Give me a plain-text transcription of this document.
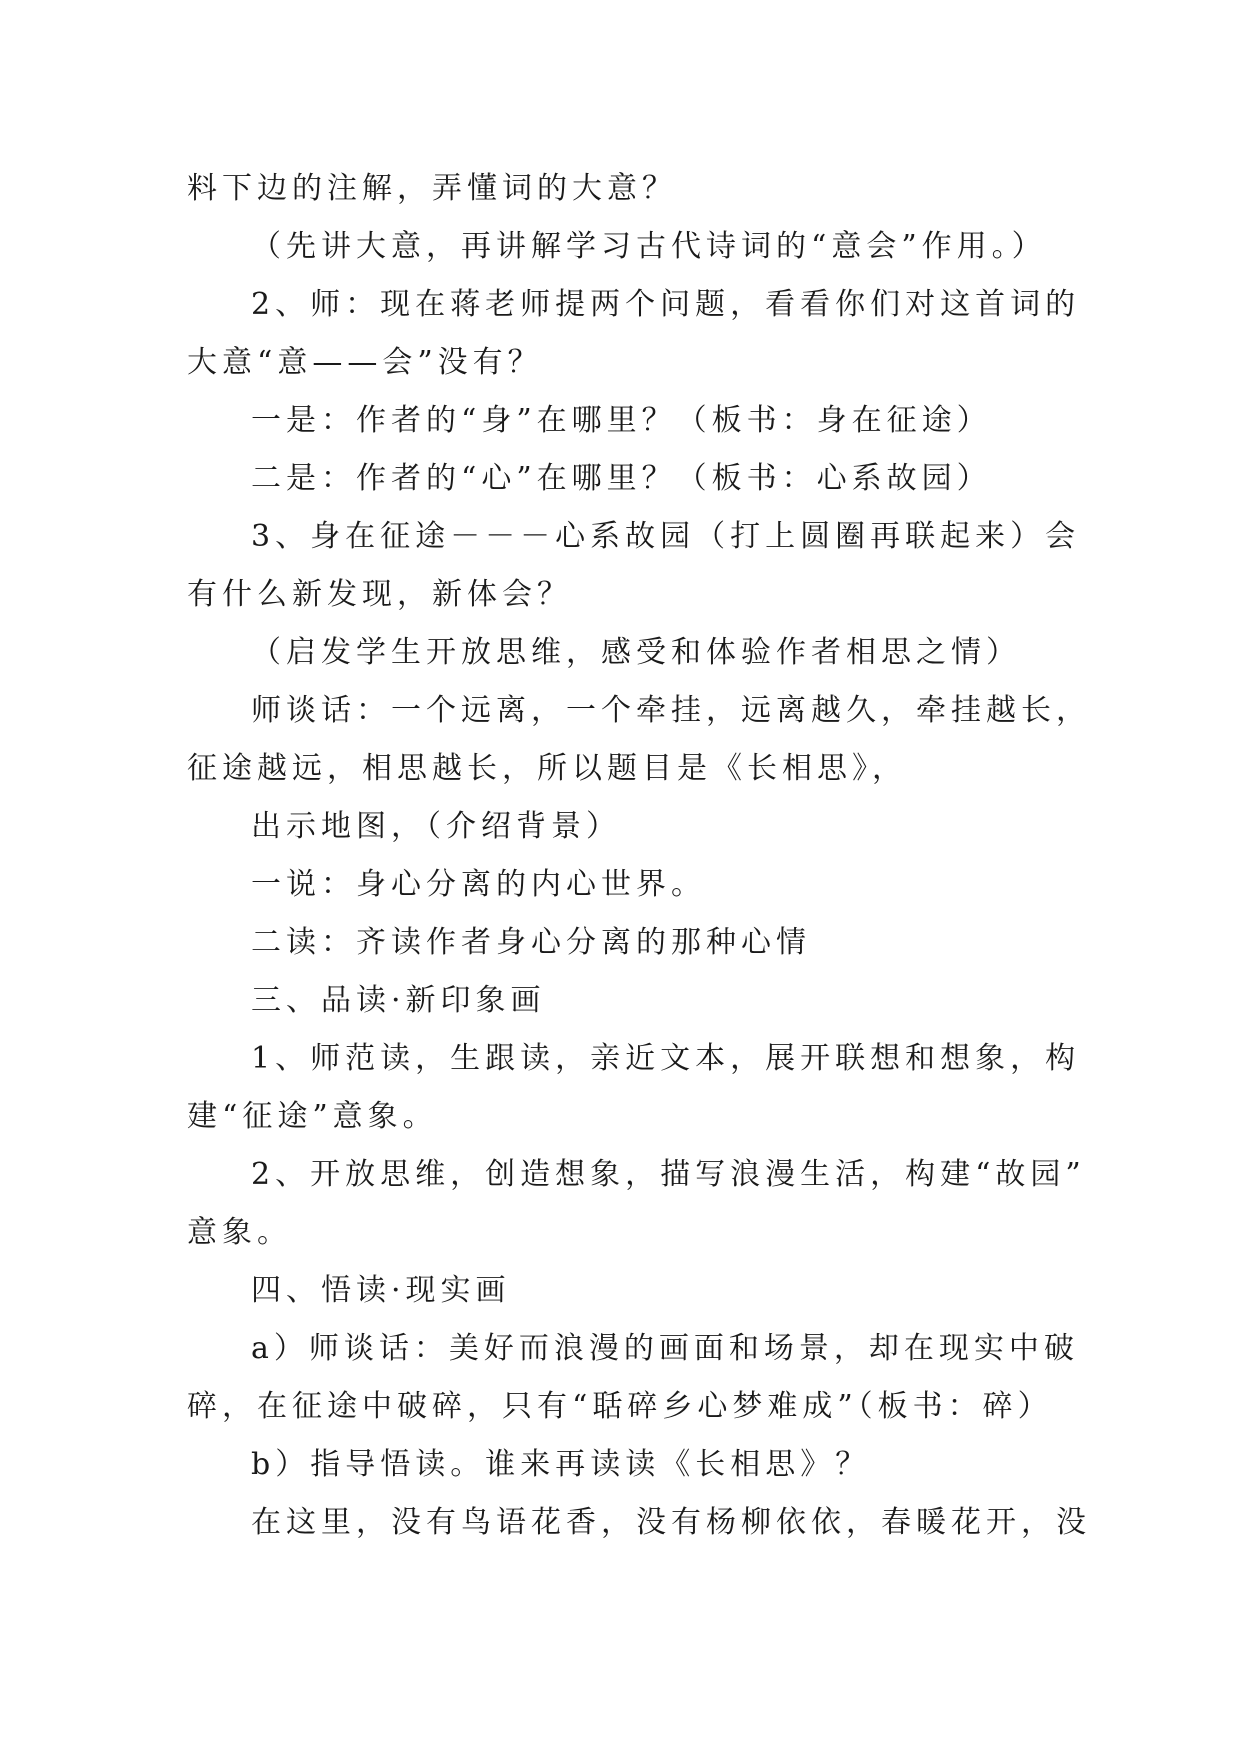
料下边的注解，弄懂词的大意？
（先讲大意，再讲解学习古代诗词的“意会”作用。）
2、师：现在蒋老师提两个问题，看看你们对这首词的
大意“意——会”没有？
一是：作者的“身”在哪里？（板书：身在征途）
二是：作者的“心”在哪里？（板书：心系故园）
3、身在征途－－－心系故园（打上圆圈再联起来）会
有什么新发现，新体会？
（启发学生开放思维，感受和体验作者相思之情）
师谈话：一个远离，一个牵挂，远离越久，牵挂越长，
征途越远，相思越长，所以题目是《长相思》，
出示地图，（介绍背景）
一说：身心分离的内心世界。
二读：齐读作者身心分离的那种心情
三、品读·新印象画
1、师范读，生跟读，亲近文本，展开联想和想象，构
建“征途”意象。
2、开放思维，创造想象，描写浪漫生活，构建“故园”
意象。
四、悟读·现实画
a）师谈话：美好而浪漫的画面和场景，却在现实中破
碎，在征途中破碎，只有“聒碎乡心梦难成”（板书：碎）
b）指导悟读。谁来再读读《长相思》？
在这里，没有鸟语花香，没有杨柳依依，春暖花开，没
